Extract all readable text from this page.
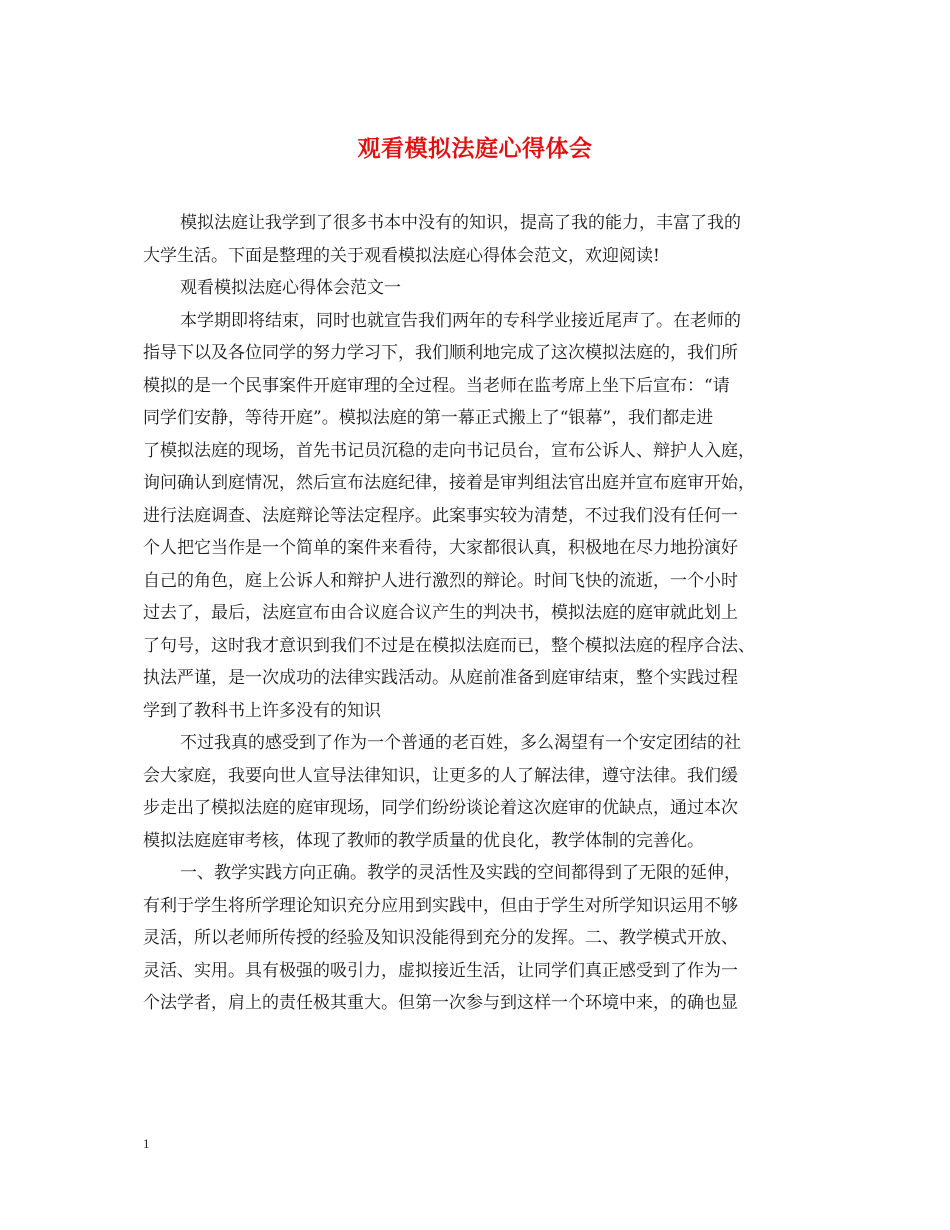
观看模拟法庭心得体会
模拟法庭让我学到了很多书本中没有的知识，提高了我的能力，丰富了我的
大学生活。下面是整理的关于观看模拟法庭心得体会范文，欢迎阅读!
观看模拟法庭心得体会范文一
本学期即将结束，同时也就宣告我们两年的专科学业接近尾声了。在老师的
指导下以及各位同学的努力学习下，我们顺利地完成了这次模拟法庭的，我们所
模拟的是一个民事案件开庭审理的全过程。当老师在监考席上坐下后宣布：“请
同学们安静，等待开庭”。模拟法庭的第一幕正式搬上了“银幕”，我们都走进
了模拟法庭的现场，首先书记员沉稳的走向书记员台，宣布公诉人、辩护人入庭，
询问确认到庭情况，然后宣布法庭纪律，接着是审判组法官出庭并宣布庭审开始，
进行法庭调查、法庭辩论等法定程序。此案事实较为清楚，不过我们没有任何一
个人把它当作是一个简单的案件来看待，大家都很认真，积极地在尽力地扮演好
自己的角色，庭上公诉人和辩护人进行激烈的辩论。时间飞快的流逝，一个小时
过去了，最后，法庭宣布由合议庭合议产生的判决书，模拟法庭的庭审就此划上
了句号，这时我才意识到我们不过是在模拟法庭而已，整个模拟法庭的程序合法、
执法严谨，是一次成功的法律实践活动。从庭前准备到庭审结束，整个实践过程
学到了教科书上许多没有的知识
不过我真的感受到了作为一个普通的老百姓，多么渴望有一个安定团结的社
会大家庭，我要向世人宣导法律知识，让更多的人了解法律，遵守法律。我们缓
步走出了模拟法庭的庭审现场，同学们纷纷谈论着这次庭审的优缺点，通过本次
模拟法庭庭审考核，体现了教师的教学质量的优良化，教学体制的完善化。
一、教学实践方向正确。教学的灵活性及实践的空间都得到了无限的延伸，
有利于学生将所学理论知识充分应用到实践中，但由于学生对所学知识运用不够
灵活，所以老师所传授的经验及知识没能得到充分的发挥。二、教学模式开放、
灵活、实用。具有极强的吸引力，虚拟接近生活，让同学们真正感受到了作为一
个法学者，肩上的责任极其重大。但第一次参与到这样一个环境中来，的确也显
1
